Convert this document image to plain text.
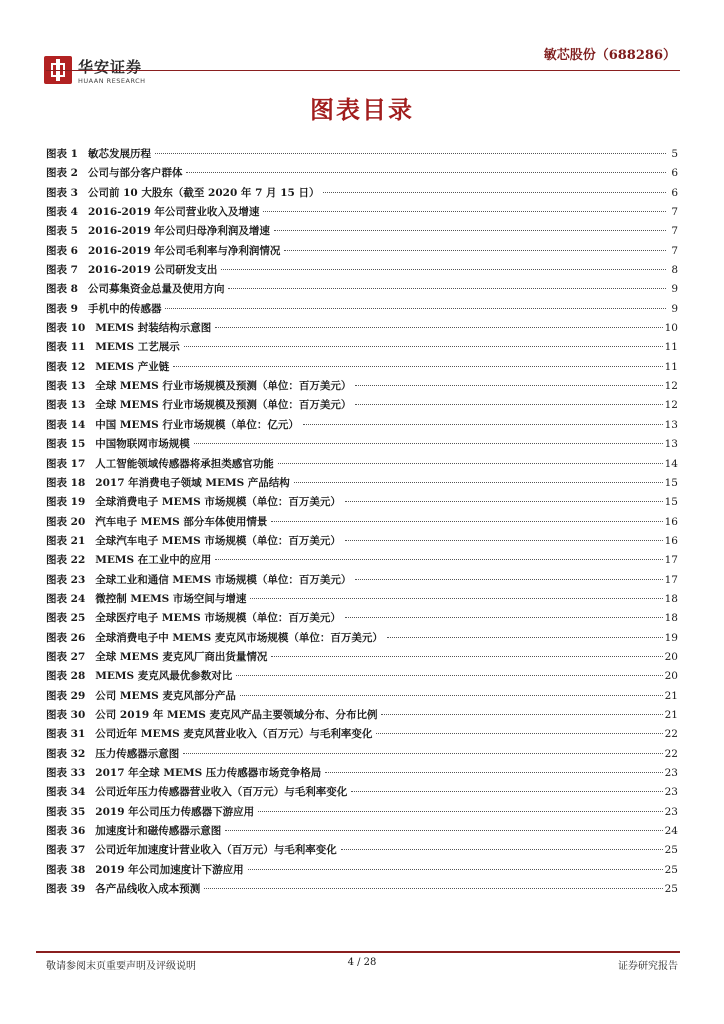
华安证券
HUAAN RESEARCH
敏芯股份（688286）
图表目录
图表 1 敏芯发展历程	5
图表 2 公司与部分客户群体	6
图表 3 公司前 10 大股东（截至 2020 年 7 月 15 日）	6
图表 4 2016-2019 年公司营业收入及增速	7
图表 5 2016-2019 年公司归母净利润及增速	7
图表 6 2016-2019 年公司毛利率与净利润情况	7
图表 7 2016-2019 公司研发支出	8
图表 8 公司募集资金总量及使用方向	9
图表 9 手机中的传感器	9
图表 10 MEMS 封装结构示意图	10
图表 11 MEMS 工艺展示	11
图表 12 MEMS 产业链	11
图表 13 全球 MEMS 行业市场规模及预测（单位：百万美元）	12
图表 13 全球 MEMS 行业市场规模及预测（单位：百万美元）	12
图表 14 中国 MEMS 行业市场规模（单位：亿元）	13
图表 15 中国物联网市场规模	13
图表 17 人工智能领域传感器将承担类感官功能	14
图表 18 2017 年消费电子领域 MEMS 产品结构	15
图表 19 全球消费电子 MEMS 市场规模（单位：百万美元）	15
图表 20 汽车电子 MEMS 部分车体使用情景	16
图表 21 全球汽车电子 MEMS 市场规模（单位：百万美元）	16
图表 22 MEMS 在工业中的应用	17
图表 23 全球工业和通信 MEMS 市场规模（单位：百万美元）	17
图表 24 微控制 MEMS 市场空间与增速	18
图表 25 全球医疗电子 MEMS 市场规模（单位：百万美元）	18
图表 26 全球消费电子中 MEMS 麦克风市场规模（单位：百万美元）	19
图表 27 全球 MEMS 麦克风厂商出货量情况	20
图表 28 MEMS 麦克风最优参数对比	20
图表 29 公司 MEMS 麦克风部分产品	21
图表 30 公司 2019 年 MEMS 麦克风产品主要领域分布、分布比例	21
图表 31 公司近年 MEMS 麦克风营业收入（百万元）与毛利率变化	22
图表 32 压力传感器示意图	22
图表 33 2017 年全球 MEMS 压力传感器市场竞争格局	23
图表 34 公司近年压力传感器营业收入（百万元）与毛利率变化	23
图表 35 2019 年公司压力传感器下游应用	23
图表 36 加速度计和磁传感器示意图	24
图表 37 公司近年加速度计营业收入（百万元）与毛利率变化	25
图表 38 2019 年公司加速度计下游应用	25
图表 39 各产品线收入成本预测	25
敬请参阅末页重要声明及评级说明	4 / 28	证券研究报告
